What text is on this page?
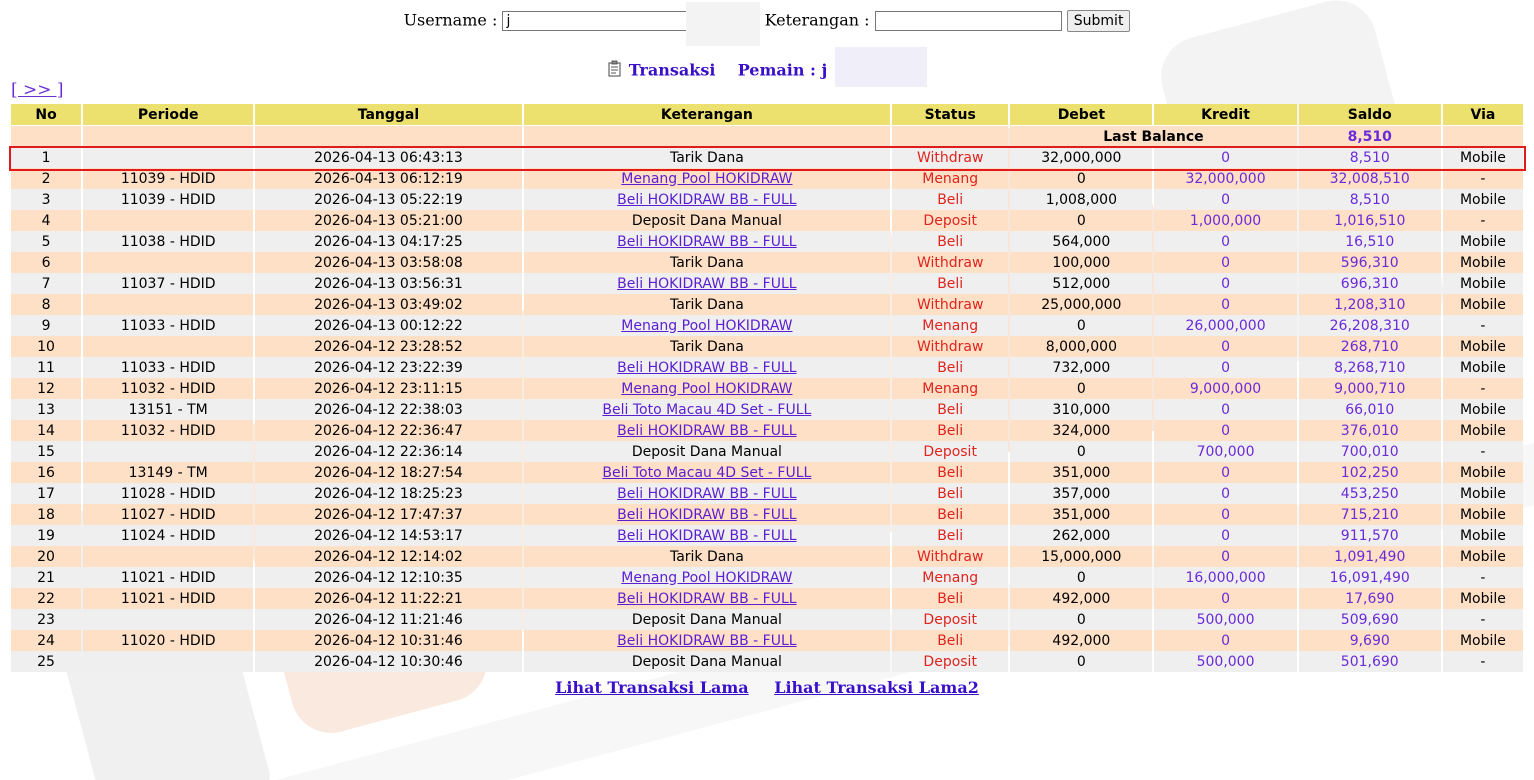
Username : j	Keterangan :	Submit
Transaksi Pemain : j
[ >> ]
No	Periode	Tanggal	Keterangan	Status	Debet	Kredit	Saldo	Via
					Last Balance		8,510	
1		2026-04-13 06:43:13	Tarik Dana	Withdraw	32,000,000	0	8,510	Mobile
2	11039 - HDID	2026-04-13 06:12:19	Menang Pool HOKIDRAW	Menang	0	32,000,000	32,008,510	-
3	11039 - HDID	2026-04-13 05:22:19	Beli HOKIDRAW BB - FULL	Beli	1,008,000	0	8,510	Mobile
4		2026-04-13 05:21:00	Deposit Dana Manual	Deposit	0	1,000,000	1,016,510	-
5	11038 - HDID	2026-04-13 04:17:25	Beli HOKIDRAW BB - FULL	Beli	564,000	0	16,510	Mobile
6		2026-04-13 03:58:08	Tarik Dana	Withdraw	100,000	0	596,310	Mobile
7	11037 - HDID	2026-04-13 03:56:31	Beli HOKIDRAW BB - FULL	Beli	512,000	0	696,310	Mobile
8		2026-04-13 03:49:02	Tarik Dana	Withdraw	25,000,000	0	1,208,310	Mobile
9	11033 - HDID	2026-04-13 00:12:22	Menang Pool HOKIDRAW	Menang	0	26,000,000	26,208,310	-
10		2026-04-12 23:28:52	Tarik Dana	Withdraw	8,000,000	0	268,710	Mobile
11	11033 - HDID	2026-04-12 23:22:39	Beli HOKIDRAW BB - FULL	Beli	732,000	0	8,268,710	Mobile
12	11032 - HDID	2026-04-12 23:11:15	Menang Pool HOKIDRAW	Menang	0	9,000,000	9,000,710	-
13	13151 - TM	2026-04-12 22:38:03	Beli Toto Macau 4D Set - FULL	Beli	310,000	0	66,010	Mobile
14	11032 - HDID	2026-04-12 22:36:47	Beli HOKIDRAW BB - FULL	Beli	324,000	0	376,010	Mobile
15		2026-04-12 22:36:14	Deposit Dana Manual	Deposit	0	700,000	700,010	-
16	13149 - TM	2026-04-12 18:27:54	Beli Toto Macau 4D Set - FULL	Beli	351,000	0	102,250	Mobile
17	11028 - HDID	2026-04-12 18:25:23	Beli HOKIDRAW BB - FULL	Beli	357,000	0	453,250	Mobile
18	11027 - HDID	2026-04-12 17:47:37	Beli HOKIDRAW BB - FULL	Beli	351,000	0	715,210	Mobile
19	11024 - HDID	2026-04-12 14:53:17	Beli HOKIDRAW BB - FULL	Beli	262,000	0	911,570	Mobile
20		2026-04-12 12:14:02	Tarik Dana	Withdraw	15,000,000	0	1,091,490	Mobile
21	11021 - HDID	2026-04-12 12:10:35	Menang Pool HOKIDRAW	Menang	0	16,000,000	16,091,490	-
22	11021 - HDID	2026-04-12 11:22:21	Beli HOKIDRAW BB - FULL	Beli	492,000	0	17,690	Mobile
23		2026-04-12 11:21:46	Deposit Dana Manual	Deposit	0	500,000	509,690	-
24	11020 - HDID	2026-04-12 10:31:46	Beli HOKIDRAW BB - FULL	Beli	492,000	0	9,690	Mobile
25		2026-04-12 10:30:46	Deposit Dana Manual	Deposit	0	500,000	501,690	-
Lihat Transaksi Lama Lihat Transaksi Lama2
